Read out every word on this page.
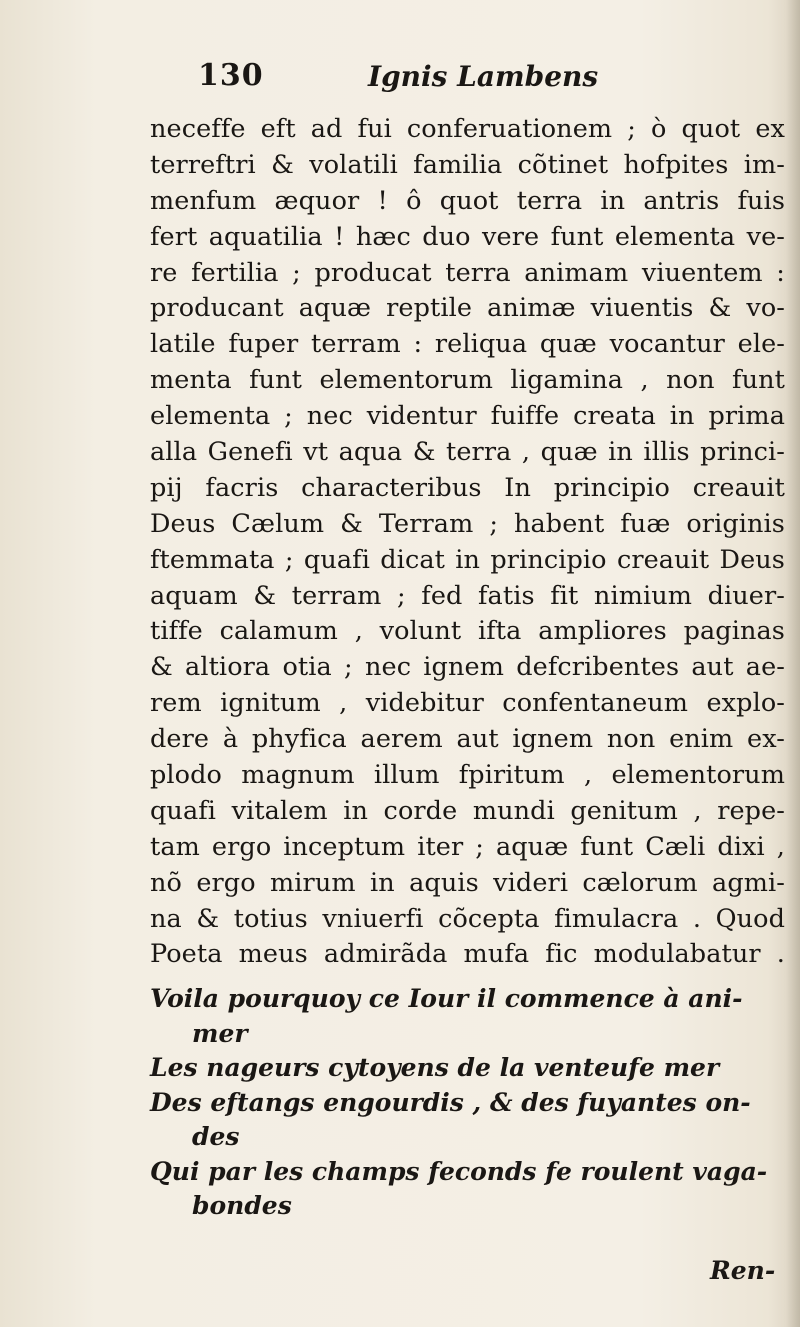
130	Ignis Lambens
neceffe eft ad fui conferuationem ; ò quot ex
terreftri & volatili familia cõtinet hofpites im-
menfum æquor ! ô quot terra in antris fuis
fert aquatilia ! hæc duo vere funt elementa ve-
re fertilia ; producat terra animam viuentem :
producant aquæ reptile animæ viuentis & vo-
latile fuper terram : reliqua quæ vocantur ele-
menta funt elementorum ligamina , non funt
elementa ; nec videntur fuiffe creata in prima
alla Genefi vt aqua & terra , quæ in illis princi-
pij facris characteribus In principio creauit
Deus Cælum & Terram ; habent fuæ originis
ftemmata ; quafi dicat in principio creauit Deus
aquam & terram ; fed fatis fit nimium diuer-
tiffe calamum , volunt ifta ampliores paginas
& altiora otia ; nec ignem defcribentes aut ae-
rem ignitum , videbitur confentaneum explo-
dere à phyfica aerem aut ignem non enim ex-
plodo magnum illum fpiritum , elementorum
quafi vitalem in corde mundi genitum , repe-
tam ergo inceptum iter ; aquæ funt Cæli dixi ,
nõ ergo mirum in aquis videri cælorum agmi-
na & totius vniuerfi cõcepta fimulacra . Quod
Poeta meus admirãda mufa fic modulabatur .
Voila pourquoy ce Iour il commence à ani-
mer
Les nageurs cytoyens de la venteufe mer
Des eftangs engourdis , & des fuyantes on-
des
Qui par les champs feconds fe roulent vaga-
bondes
Ren-
